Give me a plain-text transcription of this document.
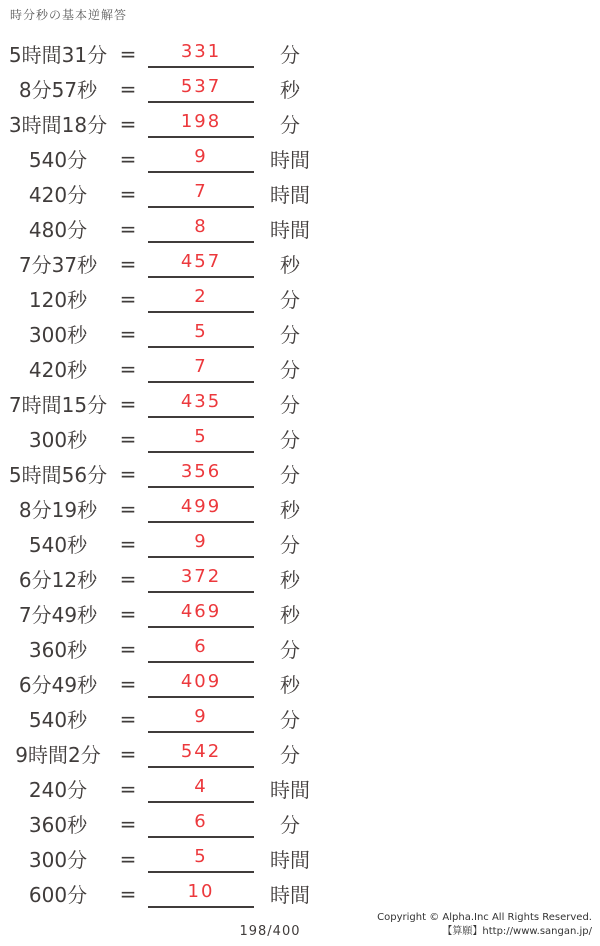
時分秒の基本逆解答
5時間31分 =	331	分
8分57秒	=	537	秒
3時間18分 =	198	分
540分	=	9	時間
420分	=	7	時間
480分	=	8	時間
7分37秒	=	457	秒
120秒	=	2	分
300秒	=	5	分
420秒	=	7	分
7時間15分 =	435	分
300秒	=	5	分
5時間56分 =	356	分
8分19秒	=	499	秒
540秒	=	9	分
6分12秒	=	372	秒
7分49秒	=	469	秒
360秒	=	6	分
6分49秒	=	409	秒
540秒	=	9	分
9時間2分 =	542	分
240分	=	4	時間
360秒	=	6	分
300分	=	5	時間
600分	=	10	時間
198/400
Copyright © Alpha.Inc All Rights Reserved.
【算願】http://www.sangan.jp/
